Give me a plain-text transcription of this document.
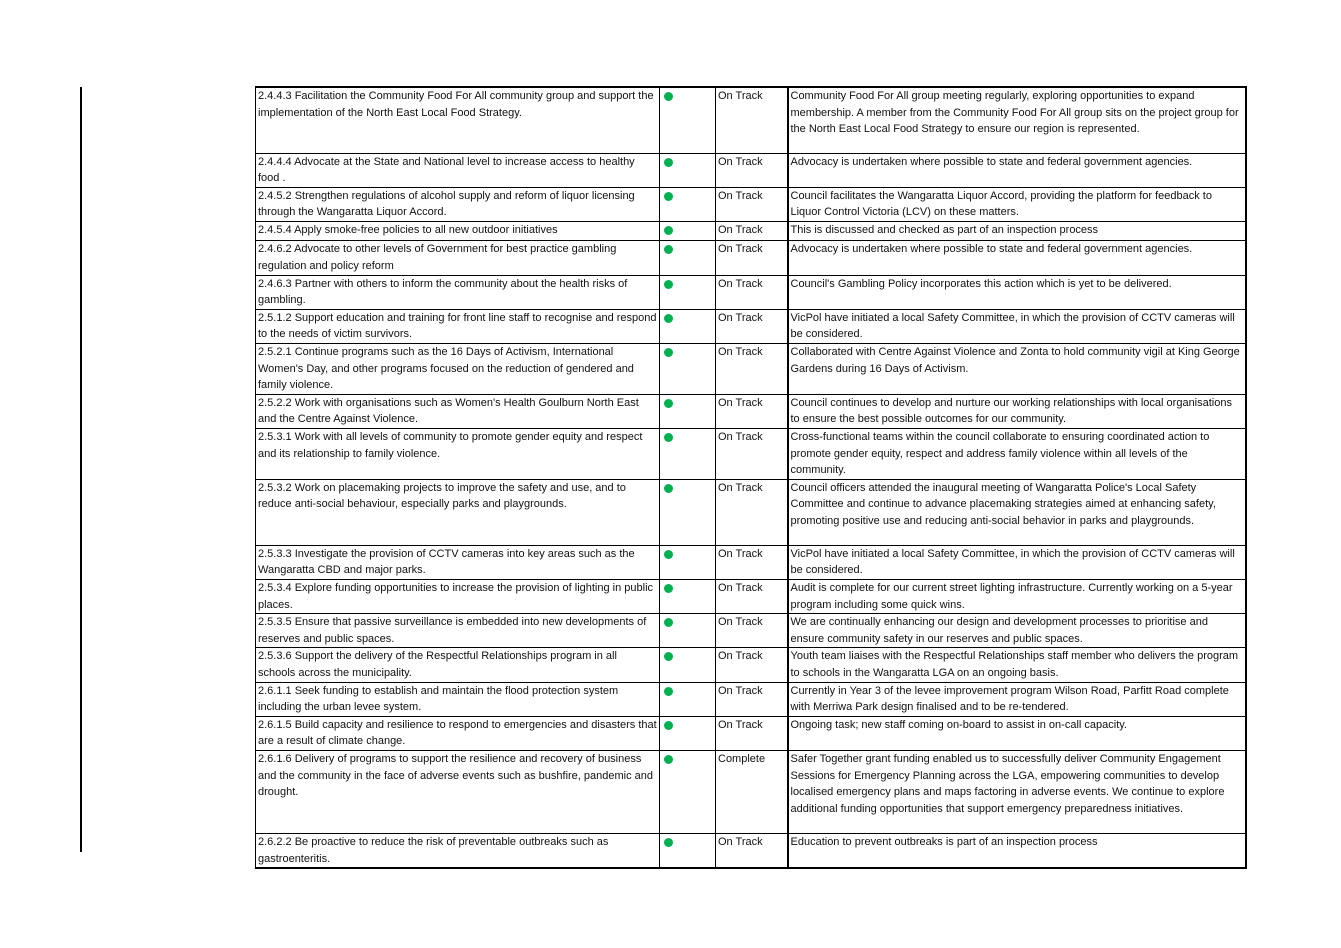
2.4.4.3 Facilitation the Community Food For All community group and support the implementation of the North East Local Food Strategy.		On Track	Community Food For All group meeting regularly, exploring opportunities to expand membership. A member from the Community Food For All group sits on the project group for the North East Local Food Strategy to ensure our region is represented.
2.4.4.4 Advocate at the State and National level to increase access to healthy food .		On Track	Advocacy is undertaken where possible to state and federal government agencies.
2.4.5.2 Strengthen regulations of alcohol supply and reform of liquor licensing through the Wangaratta Liquor Accord.		On Track	Council facilitates the Wangaratta Liquor Accord, providing the platform for feedback to Liquor Control Victoria (LCV) on these matters.
2.4.5.4 Apply smoke-free policies to all new outdoor initiatives		On Track	This is discussed and checked as part of an inspection process
2.4.6.2 Advocate to other levels of Government for best practice gambling regulation and policy reform		On Track	Advocacy is undertaken where possible to state and federal government agencies.
2.4.6.3 Partner with others to inform the community about the health risks of gambling.		On Track	Council's Gambling Policy incorporates this action which is yet to be delivered.
2.5.1.2 Support education and training for front line staff to recognise and respond to the needs of victim survivors.		On Track	VicPol have initiated a local Safety Committee, in which the provision of CCTV cameras will be considered.
2.5.2.1 Continue programs such as the 16 Days of Activism, International Women's Day, and other programs focused on the reduction of gendered and family violence.		On Track	Collaborated with Centre Against Violence and Zonta to hold community vigil at King George Gardens during 16 Days of Activism.
2.5.2.2 Work with organisations such as Women's Health Goulburn North East and the Centre Against Violence.		On Track	Council continues to develop and nurture our working relationships with local organisations to ensure the best possible outcomes for our community.
2.5.3.1 Work with all levels of community to promote gender equity and respect and its relationship to family violence.		On Track	Cross-functional teams within the council collaborate to ensuring coordinated action to promote gender equity, respect and address family violence within all levels of the community.
2.5.3.2 Work on placemaking projects to improve the safety and use, and to reduce anti-social behaviour, especially parks and playgrounds.		On Track	Council officers attended the inaugural meeting of Wangaratta Police's Local Safety Committee and continue to advance placemaking strategies aimed at enhancing safety, promoting positive use and reducing anti-social behavior in parks and playgrounds.
2.5.3.3 Investigate the provision of CCTV cameras into key areas such as the Wangaratta CBD and major parks.		On Track	VicPol have initiated a local Safety Committee, in which the provision of CCTV cameras will be considered.
2.5.3.4 Explore funding opportunities to increase the provision of lighting in public places.		On Track	Audit is complete for our current street lighting infrastructure. Currently working on a 5-year program including some quick wins.
2.5.3.5 Ensure that passive surveillance is embedded into new developments of reserves and public spaces.		On Track	We are continually enhancing our design and development processes to prioritise and ensure community safety in our reserves and public spaces.
2.5.3.6 Support the delivery of the Respectful Relationships program in all schools across the municipality.		On Track	Youth team liaises with the Respectful Relationships staff member who delivers the program to schools in the Wangaratta LGA on an ongoing basis.
2.6.1.1 Seek funding to establish and maintain the flood protection system including the urban levee system.		On Track	Currently in Year 3 of the levee improvement program Wilson Road, Parfitt Road complete with Merriwa Park design finalised and to be re-tendered.
2.6.1.5 Build capacity and resilience to respond to emergencies and disasters that are a result of climate change.		On Track	Ongoing task; new staff coming on-board to assist in on-call capacity.
2.6.1.6 Delivery of programs to support the resilience and recovery of business and the community in the face of adverse events such as bushfire, pandemic and drought.		Complete	Safer Together grant funding enabled us to successfully deliver Community Engagement Sessions for Emergency Planning across the LGA, empowering communities to develop localised emergency plans and maps factoring in adverse events. We continue to explore additional funding opportunities that support emergency preparedness initiatives.
2.6.2.2 Be proactive to reduce the risk of preventable outbreaks such as gastroenteritis.		On Track	Education to prevent outbreaks is part of an inspection process
